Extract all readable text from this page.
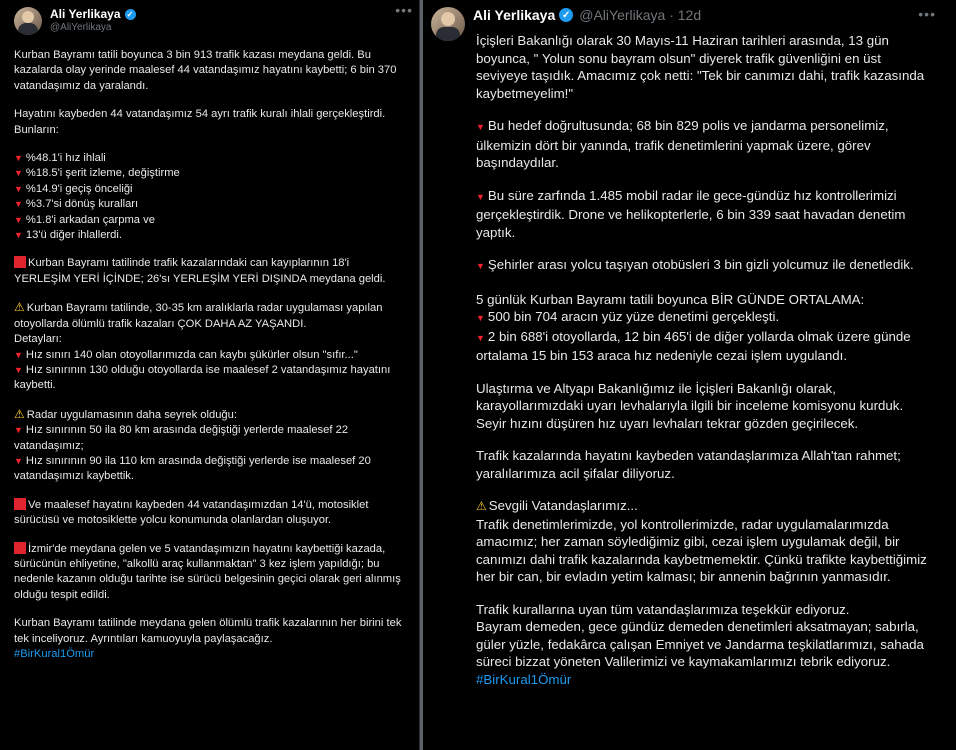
•••
Ali Yerlikaya ✓
@AliYerlikaya

Kurban Bayramı tatili boyunca 3 bin 913 trafik kazası meydana geldi. Bu kazalarda olay yerinde maalesef 44 vatandaşımız hayatını kaybetti; 6 bin 370 vatandaşımız da yaralandı.

Hayatını kaybeden 44 vatandaşımız 54 ayrı trafik kuralı ihlali gerçekleştirdi. Bunların:

▼ %48.1'i hız ihlali
▼ %18.5'i şerit izleme, değiştirme
▼ %14.9'i geçiş önceliği
▼ %3.7'si dönüş kuralları
▼ %1.8'i arkadan çarpma ve
▼ 13'ü diğer ihlallerdi.

Kurban Bayramı tatilinde trafik kazalarındaki can kayıplarının 18'i YERLEŞİM YERİ İÇİNDE; 26'sı YERLEŞİM YERİ DIŞINDA meydana geldi.

⚠ Kurban Bayramı tatilinde, 30-35 km aralıklarla radar uygulaması yapılan otoyollarda ölümlü trafik kazaları ÇOK DAHA AZ YAŞANDI.
Detayları:
▼ Hız sınırı 140 olan otoyollarımızda can kaybı şükürler olsun "sıfır..."
▼ Hız sınırının 130 olduğu otoyollarda ise maalesef 2 vatandaşımız hayatını kaybetti.

⚠ Radar uygulamasının daha seyrek olduğu:
▼ Hız sınırının 50 ila 80 km arasında değiştiği yerlerde maalesef 22 vatandaşımız;
▼ Hız sınırının 90 ila 110 km arasında değiştiği yerlerde ise maalesef 20 vatandaşımızı kaybettik.

Ve maalesef hayatını kaybeden 44 vatandaşımızdan 14'ü, motosiklet sürücüsü ve motosiklette yolcu konumunda olanlardan oluşuyor.

İzmir'de meydana gelen ve 5 vatandaşımızın hayatını kaybettiği kazada, sürücünün ehliyetine, "alkollü araç kullanmaktan" 3 kez işlem yapıldığı; bu nedenle kazanın olduğu tarihte ise sürücü belgesinin geçici olarak geri alınmış olduğu tespit edildi.

Kurban Bayramı tatilinde meydana gelen ölümlü trafik kazalarının her birini tek tek inceliyoruz. Ayrıntıları kamuoyuyla paylaşacağız.
#BirKural1Ömür

•••
Ali Yerlikaya ✓ @AliYerlikaya · 12d

İçişleri Bakanlığı olarak 30 Mayıs-11 Haziran tarihleri arasında, 13 gün boyunca, " Yolun sonu bayram olsun" diyerek trafik güvenliğini en üst seviyeye taşıdık. Amacımız çok netti: "Tek bir canımızı dahi, trafik kazasında kaybetmeyelim!"

▼ Bu hedef doğrultusunda; 68 bin 829 polis ve jandarma personelimiz, ülkemizin dört bir yanında, trafik denetimlerini yapmak üzere, görev başındaydılar.

▼ Bu süre zarfında 1.485 mobil radar ile gece-gündüz hız kontrollerimizi gerçekleştirdik. Drone ve helikopterlerle, 6 bin 339 saat havadan denetim yaptık.

▼ Şehirler arası yolcu taşıyan otobüsleri 3 bin gizli yolcumuz ile denetledik.

5 günlük Kurban Bayramı tatili boyunca BİR GÜNDE ORTALAMA:
▼ 500 bin 704 aracın yüz yüze denetimi gerçekleşti.
▼ 2 bin 688'i otoyollarda, 12 bin 465'i de diğer yollarda olmak üzere günde ortalama 15 bin 153 araca hız nedeniyle cezai işlem uygulandı.

Ulaştırma ve Altyapı Bakanlığımız ile İçişleri Bakanlığı olarak, karayollarımızdaki uyarı levhalarıyla ilgili bir inceleme komisyonu kurduk. Seyir hızını düşüren hız uyarı levhaları tekrar gözden geçirilecek.

Trafik kazalarında hayatını kaybeden vatandaşlarımıza Allah'tan rahmet; yaralılarımıza acil şifalar diliyoruz.

⚠ Sevgili Vatandaşlarımız...
Trafik denetimlerimizde, yol kontrollerimizde, radar uygulamalarımızda amacımız; her zaman söylediğimiz gibi, cezai işlem uygulamak değil, bir canımızı dahi trafik kazalarında kaybetmemektir. Çünkü trafikte kaybettiğimiz her bir can, bir evladın yetim kalması; bir annenin bağrının yanmasıdır.

Trafik kurallarına uyan tüm vatandaşlarımıza teşekkür ediyoruz.
Bayram demeden, gece gündüz demeden denetimleri aksatmayan; sabırla, güler yüzle, fedakârca çalışan Emniyet ve Jandarma teşkilatlarımızı, sahada süreci bizzat yöneten Valilerimizi ve kaymakamlarımızı tebrik ediyoruz.
#BirKural1Ömür
